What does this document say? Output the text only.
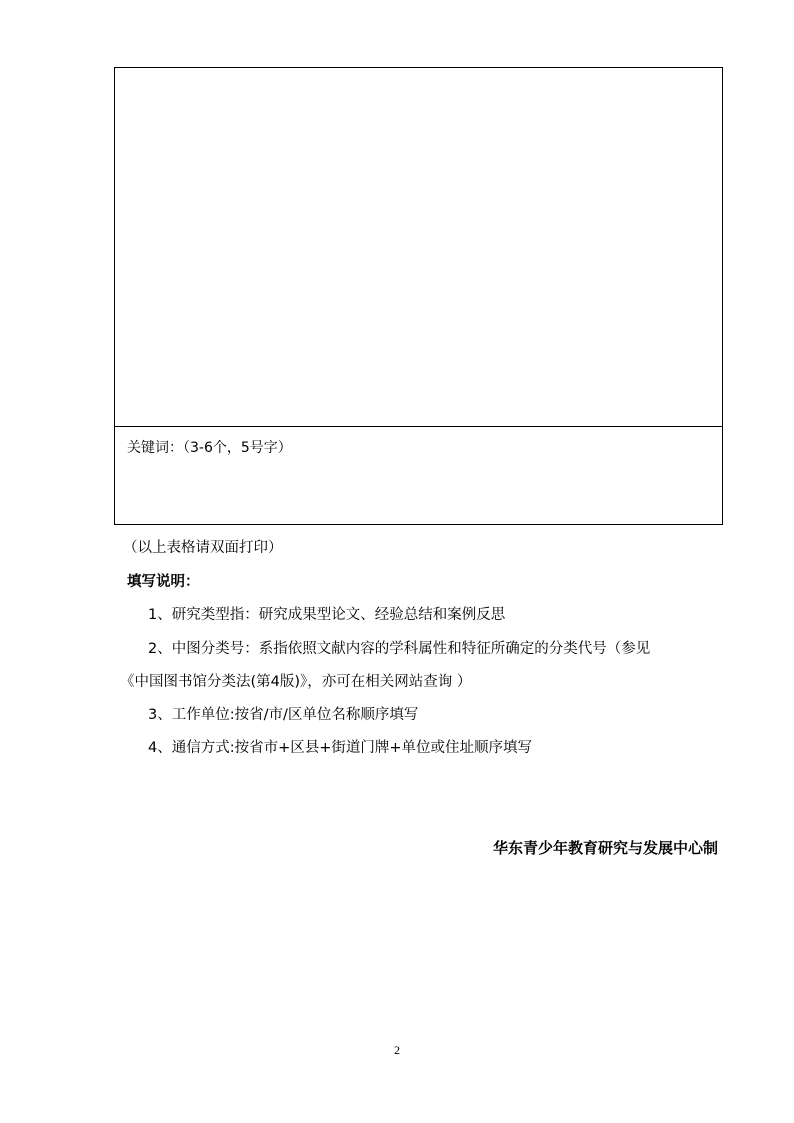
关键词：（3-6个，5号字）
（以上表格请双面打印）
填写说明：
1、研究类型指：研究成果型论文、经验总结和案例反思
2、中图分类号：系指依照文献内容的学科属性和特征所确定的分类代号（参见
《中国图书馆分类法(第4版)》，亦可在相关网站查询 ）
3、工作单位:按省/市/区单位名称顺序填写
4、通信方式:按省市+区县+街道门牌+单位或住址顺序填写
华东青少年教育研究与发展中心制
2
